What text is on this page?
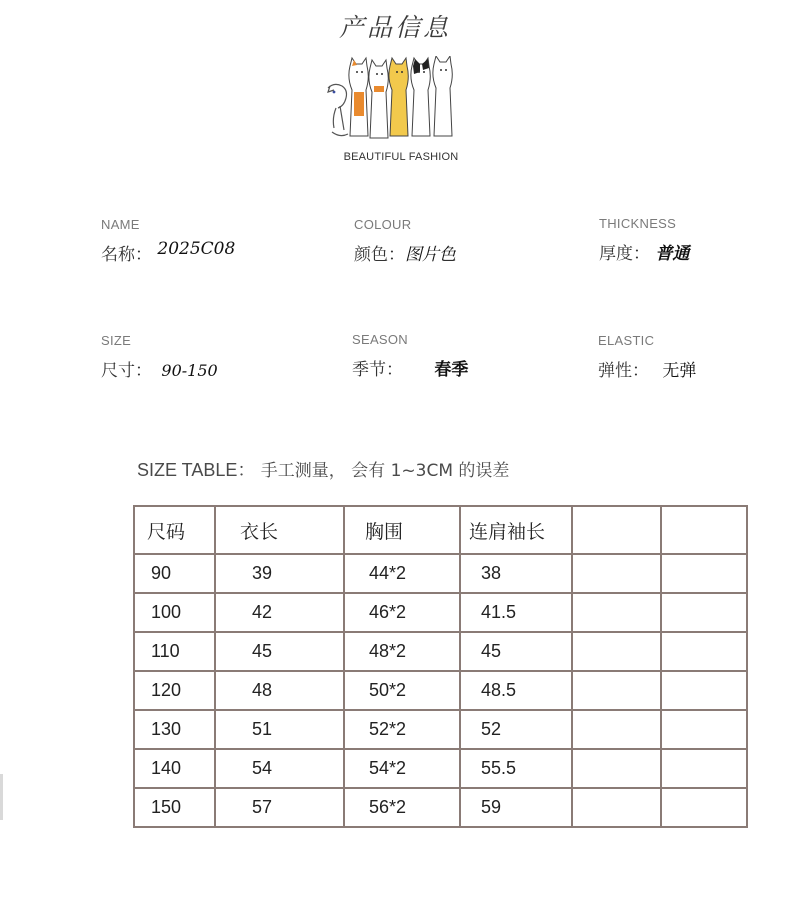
产品信息
BEAUTIFUL FASHION
NAME
名称： 2025C08
COLOUR
颜色：图片色
THICKNESS
厚度： 普通
SIZE
尺寸： 90-150
SEASON
季节： 春季
ELASTIC
弹性： 无弹
SIZE TABLE： 手工测量， 会有 1~3CM 的误差
尺码	衣长	胸围	连肩袖长		
90	39	44*2	38		
100	42	46*2	41.5		
110	45	48*2	45		
120	48	50*2	48.5		
130	51	52*2	52		
140	54	54*2	55.5		
150	57	56*2	59		
